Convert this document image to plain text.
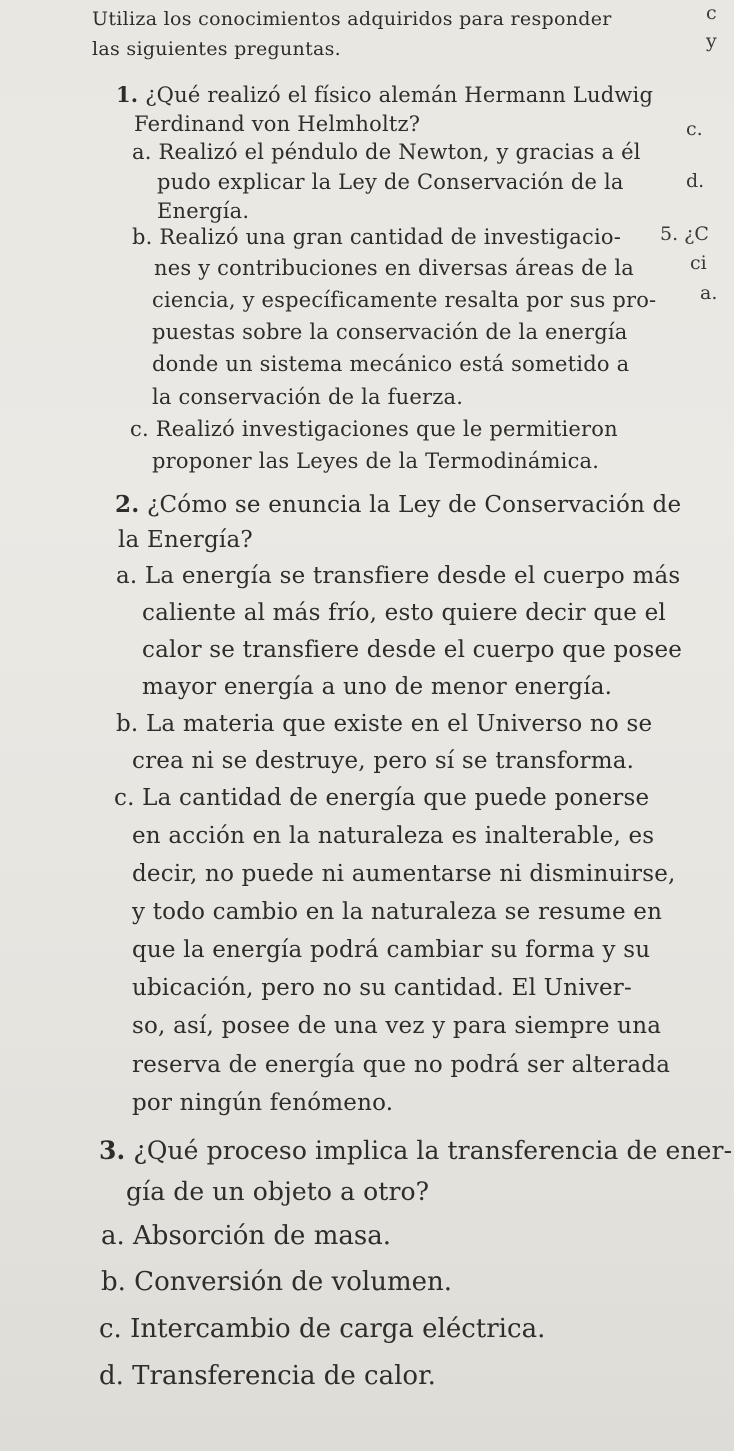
Utiliza los conocimientos adquiridos para responder
las siguientes preguntas.
1. ¿Qué realizó el físico alemán Hermann Ludwig
Ferdinand von Helmholtz?
a. Realizó el péndulo de Newton, y gracias a él
pudo explicar la Ley de Conservación de la
Energía.
b. Realizó una gran cantidad de investigacio-
nes y contribuciones en diversas áreas de la
ciencia, y específicamente resalta por sus pro-
puestas sobre la conservación de la energía
donde un sistema mecánico está sometido a
la conservación de la fuerza.
c. Realizó investigaciones que le permitieron
proponer las Leyes de la Termodinámica.
2. ¿Cómo se enuncia la Ley de Conservación de
la Energía?
a. La energía se transfiere desde el cuerpo más
caliente al más frío, esto quiere decir que el
calor se transfiere desde el cuerpo que posee
mayor energía a uno de menor energía.
b. La materia que existe en el Universo no se
crea ni se destruye, pero sí se transforma.
c. La cantidad de energía que puede ponerse
en acción en la naturaleza es inalterable, es
decir, no puede ni aumentarse ni disminuirse,
y todo cambio en la naturaleza se resume en
que la energía podrá cambiar su forma y su
ubicación, pero no su cantidad. El Univer-
so, así, posee de una vez y para siempre una
reserva de energía que no podrá ser alterada
por ningún fenómeno.
3. ¿Qué proceso implica la transferencia de ener-
gía de un objeto a otro?
a. Absorción de masa.
b. Conversión de volumen.
c. Intercambio de carga eléctrica.
d. Transferencia de calor.
c
y
c.
d.
5. ¿C
ci
a.
